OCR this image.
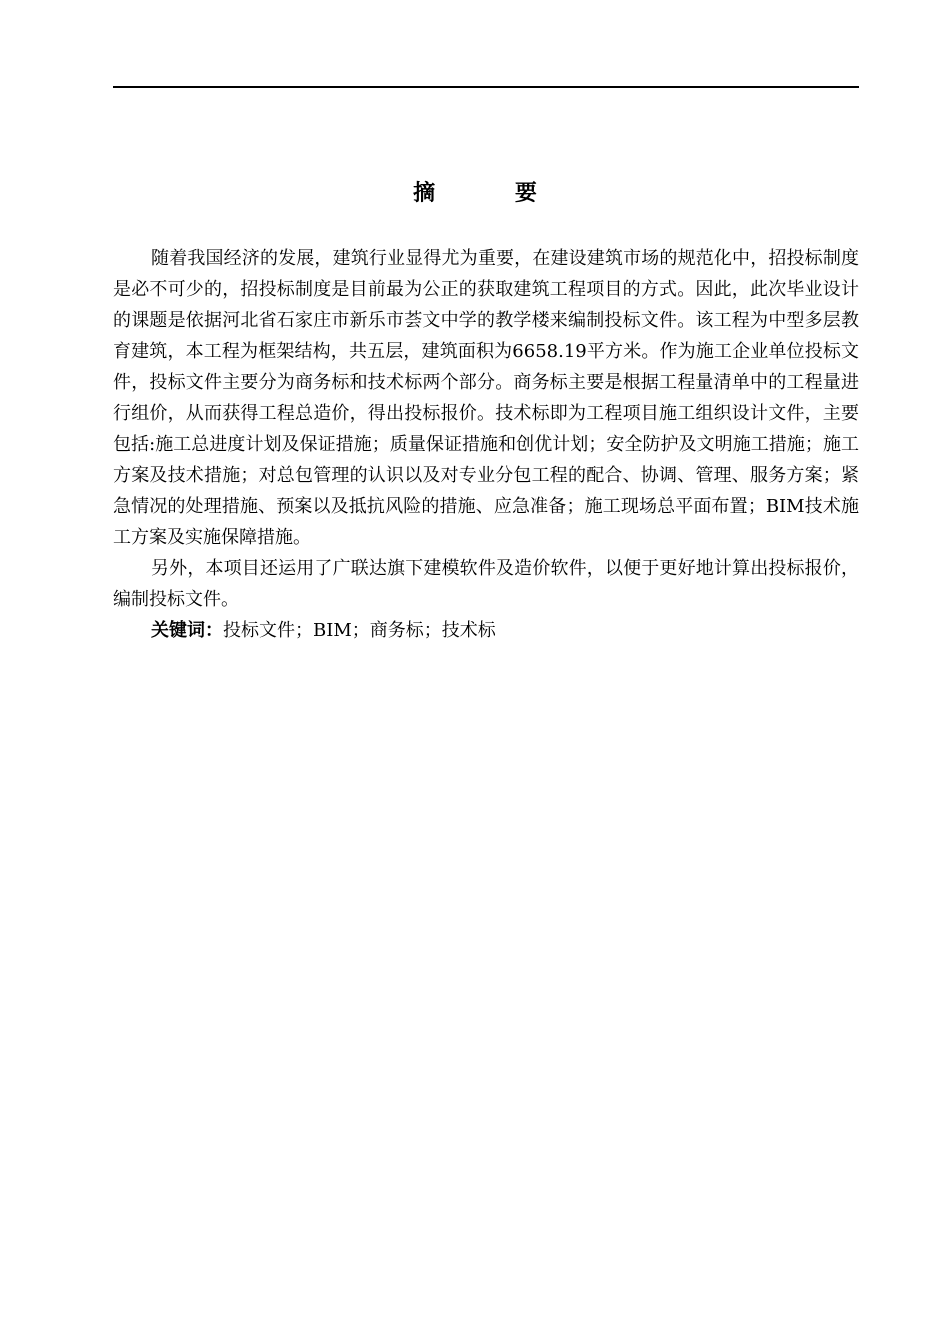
摘 要

随着我国经济的发展，建筑行业显得尤为重要，在建设建筑市场的规范化中，招投标制度是必不可少的，招投标制度是目前最为公正的获取建筑工程项目的方式。因此，此次毕业设计的课题是依据河北省石家庄市新乐市荟文中学的教学楼来编制投标文件。该工程为中型多层教育建筑，本工程为框架结构，共五层，建筑面积为6658.19平方米。作为施工企业单位投标文件，投标文件主要分为商务标和技术标两个部分。商务标主要是根据工程量清单中的工程量进行组价，从而获得工程总造价，得出投标报价。技术标即为工程项目施工组织设计文件，主要包括:施工总进度计划及保证措施；质量保证措施和创优计划；安全防护及文明施工措施；施工方案及技术措施；对总包管理的认识以及对专业分包工程的配合、协调、管理、服务方案；紧急情况的处理措施、预案以及抵抗风险的措施、应急准备；施工现场总平面布置；BIM技术施工方案及实施保障措施。

另外，本项目还运用了广联达旗下建模软件及造价软件，以便于更好地计算出投标报价，编制投标文件。

关键词：投标文件；BIM；商务标；技术标
